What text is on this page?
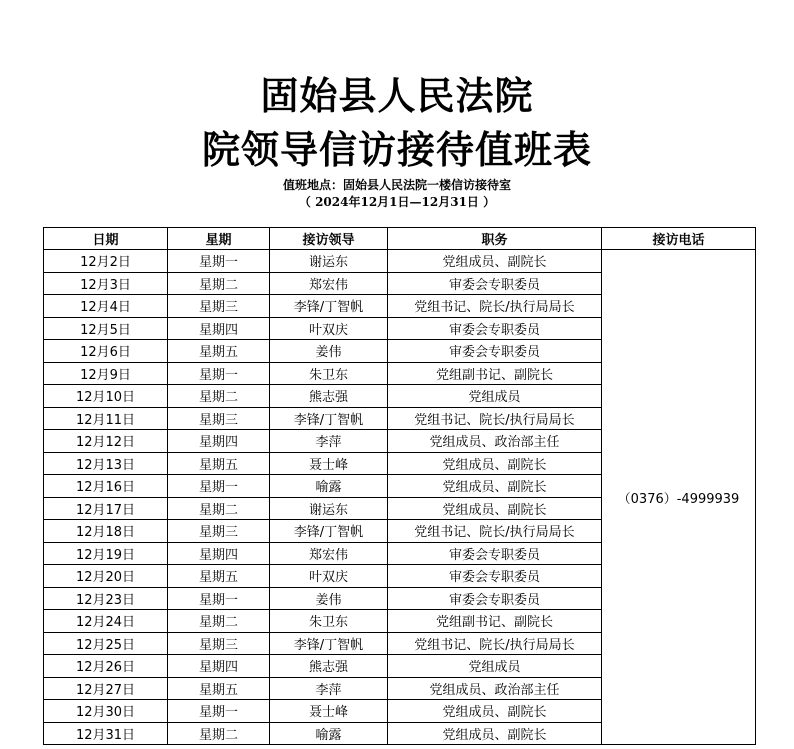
固始县人民法院
院领导信访接待值班表
值班地点：固始县人民法院一楼信访接待室
（ 2024年12月1日—12月31日 ）
日期	星期	接访领导	职务	接访电话
12月2日	星期一	谢运东	党组成员、副院长	（0376）-4999939
12月3日	星期二	郑宏伟	审委会专职委员	
12月4日	星期三	李锋/丁智帆	党组书记、院长/执行局局长	
12月5日	星期四	叶双庆	审委会专职委员	
12月6日	星期五	姜伟	审委会专职委员	
12月9日	星期一	朱卫东	党组副书记、副院长	
12月10日	星期二	熊志强	党组成员	
12月11日	星期三	李锋/丁智帆	党组书记、院长/执行局局长	
12月12日	星期四	李萍	党组成员、政治部主任	
12月13日	星期五	聂士峰	党组成员、副院长	
12月16日	星期一	喻露	党组成员、副院长	
12月17日	星期二	谢运东	党组成员、副院长	
12月18日	星期三	李锋/丁智帆	党组书记、院长/执行局局长	
12月19日	星期四	郑宏伟	审委会专职委员	
12月20日	星期五	叶双庆	审委会专职委员	
12月23日	星期一	姜伟	审委会专职委员	
12月24日	星期二	朱卫东	党组副书记、副院长	
12月25日	星期三	李锋/丁智帆	党组书记、院长/执行局局长	
12月26日	星期四	熊志强	党组成员	
12月27日	星期五	李萍	党组成员、政治部主任	
12月30日	星期一	聂士峰	党组成员、副院长	
12月31日	星期二	喻露	党组成员、副院长	
